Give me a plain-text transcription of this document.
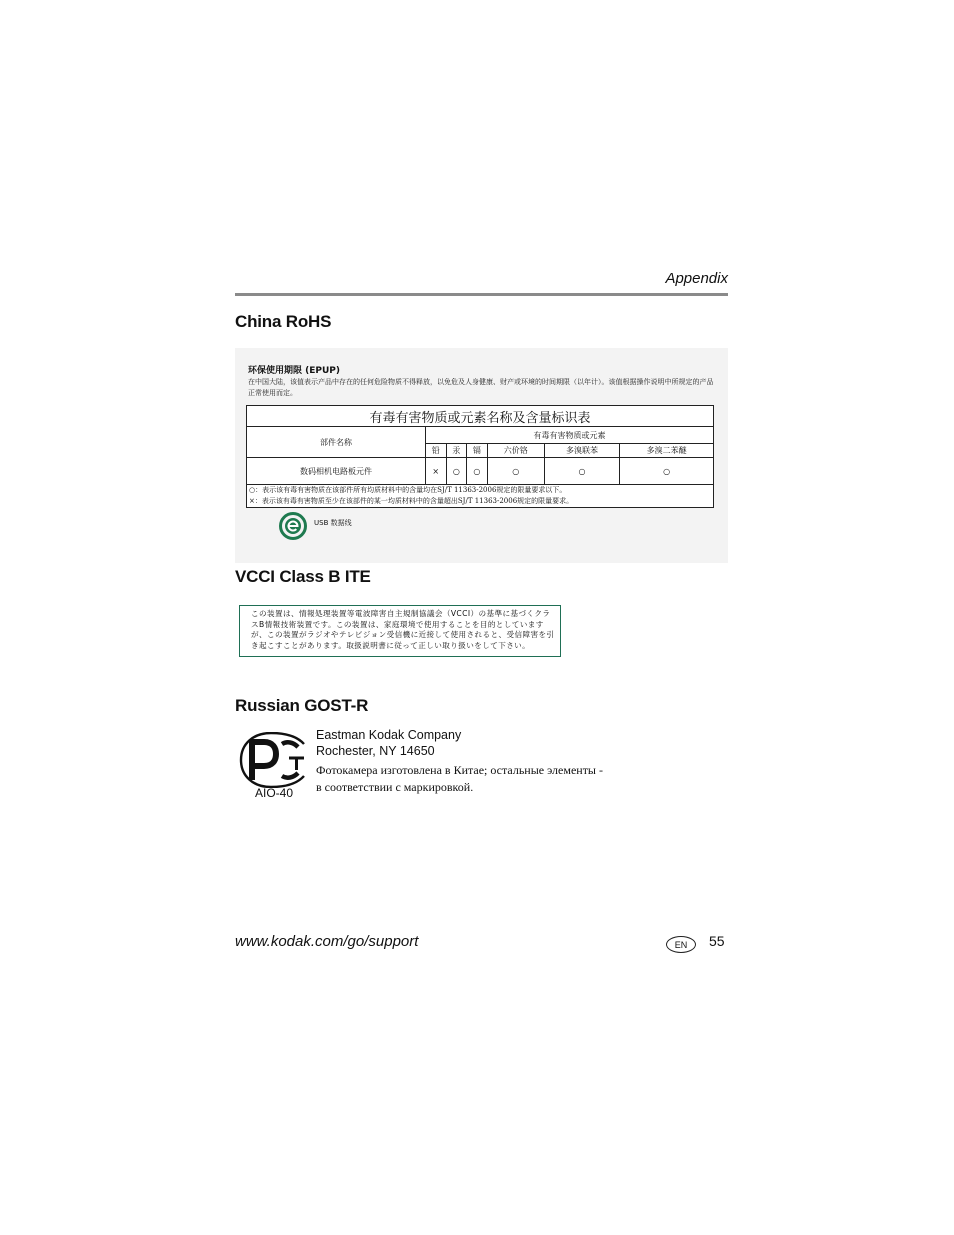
Appendix
China RoHS
环保使用期限 (EPUP)
在中国大陆，该值表示产品中存在的任何危险物质不得释放，以免危及人身健康、财产或环境的时间期限（以年计）。该值根据操作说明中所规定的产品正常使用而定。
有毒有害物质或元素名称及含量标识表						
部件名称	有毒有害物质或元素					
	铅	汞	镉	六价铬	多溴联苯	多溴二苯醚
数码相机电路板元件	×	○	○	○	○	○

○：表示该有毒有害物质在该部件所有均质材料中的含量均在SJ/T 11363-2006规定的限量要求以下。
×：表示该有毒有害物质至少在该部件的某一均质材料中的含量超出SJ/T 11363-2006规定的限量要求。						
USB 数据线
VCCI Class B ITE
この装置は、情報処理装置等電波障害自主規制協議会（VCCI）の基準に基づくクラスB情報技術装置です。この装置は、家庭環境で使用することを目的としていますが、この装置がラジオやテレビジョン受信機に近接して使用されると、受信障害を引き起こすことがあります。取扱説明書に従って正しい取り扱いをして下さい。
Russian GOST-R
AIO-40
Eastman Kodak Company
Rochester, NY 14650
Фотокамера изготовлена в Китае; остальные элементы -
в соответствии с маркировкой.
www.kodak.com/go/support	EN	55
